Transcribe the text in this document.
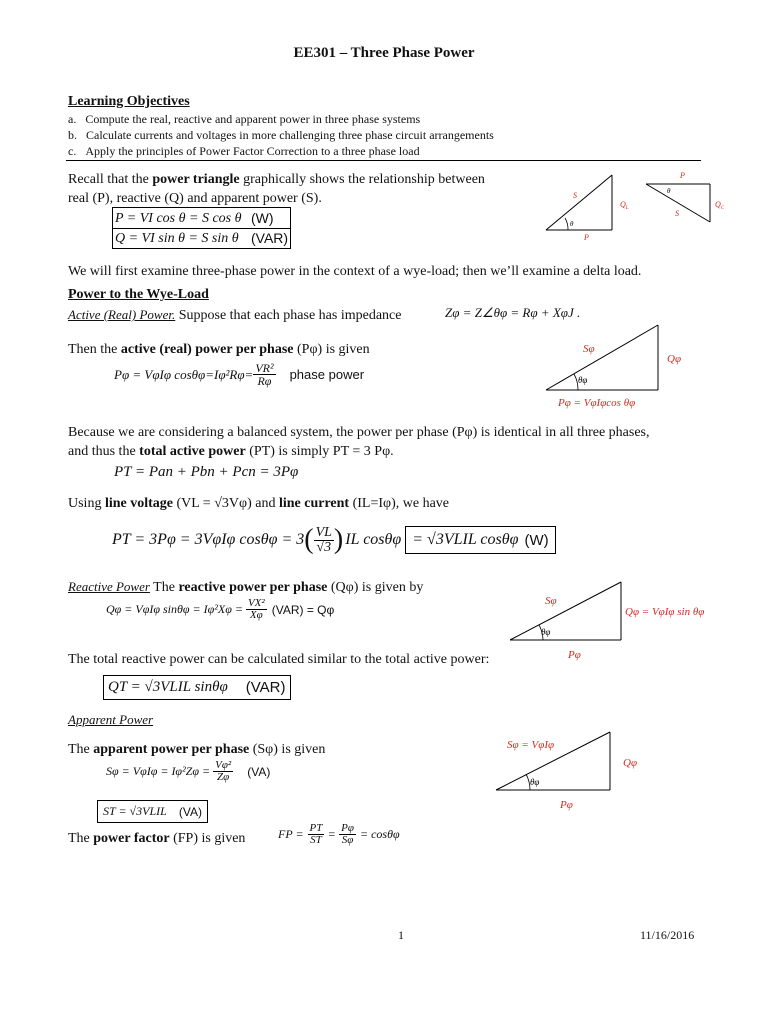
EE301 – Three Phase Power
Learning Objectives
a. Compute the real, reactive and apparent power in three phase systems
b. Calculate currents and voltages in more challenging three phase circuit arrangements
c. Apply the principles of Power Factor Correction to a three phase load
Recall that the power triangle graphically shows the relationship between
real (P), reactive (Q) and apparent power (S).
P = VI cos θ = S cos θ (W)
Q = VI sin θ = S sin θ (VAR)
S
$Q_L$
P
θ
P
S
$Q_C$
θ
We will first examine three-phase power in the context of a wye-load; then we’ll examine a delta load.
Power to the Wye-Load
Active (Real) Power. Suppose that each phase has impedance	Zφ = Z∠θφ = Rφ + XφJ .
Then the active (real) power per phase (Pφ) is given
Pφ = VφIφ $\cos\theta\varphi=I\varphi^2R\varphi= \frac{\text{VR²}}{R\varphi}$ phase power
Sφ
Qφ
θφ
Pφ = VφIφcos θφ
Because we are considering a balanced system, the power per phase (Pφ) is identical in all three phases,
and thus the total active power (PT) is simply PT = 3 Pφ.
PT = Pan + Pbn + Pcn = 3Pφ
Using line voltage (VL = √3Vφ) and line current (IL=Iφ), we have
PT = 3Pφ = 3VφIφ cosθφ = 3 ( $\frac{VL}{√3}$ ) IL cosθφ = √3VLIL cosθφ (W)
Reactive Power The reactive power per phase (Qφ) is given by
Qφ = VφIφ $\sin\theta\varphi = I\varphi^2X\varphi = \frac{\text{VX²}}{X\varphi} (VAR) = Q\varphi$
Sφ
Qφ = VφIφ sin θφ
θφ
Pφ
The total reactive power can be calculated similar to the total active power:
QT = √3VLIL sinθφ (VAR)
Apparent Power
The apparent power per phase (Sφ) is given
$S\varphi = V\varphi I\varphi = I\varphi^2Z\varphi = \frac{\text{Vφ²}}{Z\varphi} (VA)$
ST = √3VLIL (VA)
Sφ = VφIφ
Qφ
θφ
Pφ
The power factor (FP) is given	FP = $\frac{PT}{ST} = \frac{P\varphi}{S\varphi} = \cos\theta\varphi$
1	11/16/2016
